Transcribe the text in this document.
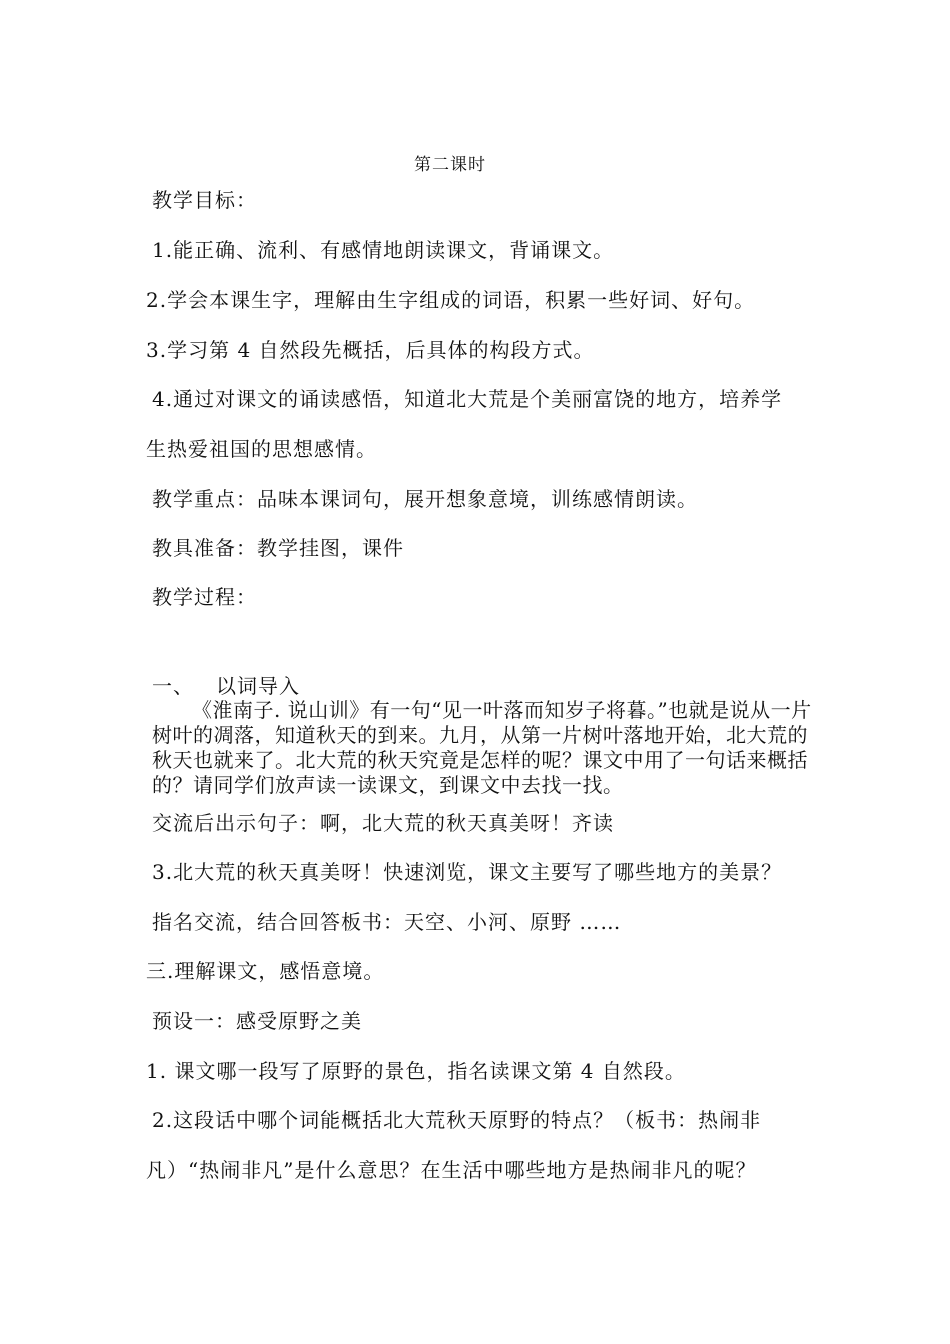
第二课时
教学目标：
1.能正确、流利、有感情地朗读课文，背诵课文。
2.学会本课生字，理解由生字组成的词语，积累一些好词、好句。
3.学习第 4 自然段先概括，后具体的构段方式。
4.通过对课文的诵读感悟，知道北大荒是个美丽富饶的地方，培养学
生热爱祖国的思想感情。
教学重点：品味本课词句，展开想象意境，训练感情朗读。
教具准备：教学挂图，课件
教学过程：
一、 以词导入
《淮南子. 说山训》有一句“见一叶落而知岁子将暮。”也就是说从一片树叶的凋落，知道秋天的到来。九月，从第一片树叶落地开始，北大荒的秋天也就来了。北大荒的秋天究竟是怎样的呢？课文中用了一句话来概括的？请同学们放声读一读课文，到课文中去找一找。
交流后出示句子：啊，北大荒的秋天真美呀！齐读
3.北大荒的秋天真美呀！快速浏览，课文主要写了哪些地方的美景？
指名交流，结合回答板书：天空、小河、原野 ……
三.理解课文，感悟意境。
预设一：感受原野之美
1. 课文哪一段写了原野的景色，指名读课文第 4 自然段。
2.这段话中哪个词能概括北大荒秋天原野的特点？（板书：热闹非
凡）“热闹非凡”是什么意思？在生活中哪些地方是热闹非凡的呢？
